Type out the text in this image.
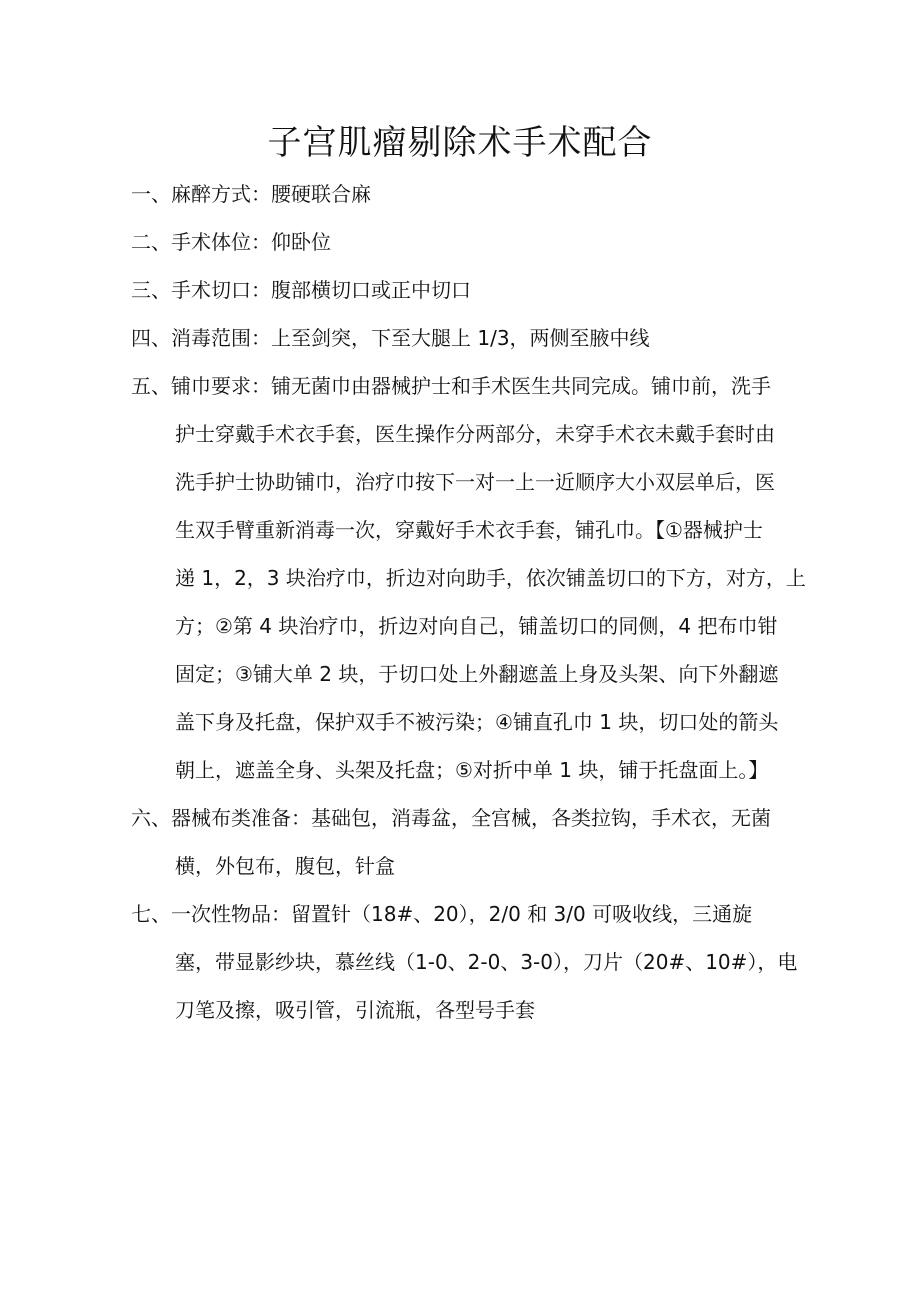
子宫肌瘤剔除术手术配合
一、 麻醉方式：腰硬联合麻
二、 手术体位：仰卧位
三、 手术切口：腹部横切口或正中切口
四、 消毒范围：上至剑突，下至大腿上 1/3，两侧至腋中线
五、 铺巾要求：铺无菌巾由器械护士和手术医生共同完成。铺巾前，洗手
护士穿戴手术衣手套，医生操作分两部分，未穿手术衣未戴手套时由
洗手护士协助铺巾，治疗巾按下一对一上一近顺序大小双层单后，医
生双手臂重新消毒一次，穿戴好手术衣手套，铺孔巾。【①器械护士
递 1，2，3 块治疗巾，折边对向助手，依次铺盖切口的下方，对方，上
方；②第 4 块治疗巾，折边对向自己，铺盖切口的同侧，4 把布巾钳
固定；③铺大单 2 块，于切口处上外翻遮盖上身及头架、向下外翻遮
盖下身及托盘，保护双手不被污染；④铺直孔巾 1 块，切口处的箭头
朝上，遮盖全身、头架及托盘；⑤对折中单 1 块，铺于托盘面上。】
六、 器械布类准备：基础包，消毒盆，全宫械，各类拉钩，手术衣，无菌
横，外包布，腹包，针盒
七、 一次性物品：留置针（18#、20），2/0 和 3/0 可吸收线，三通旋
塞，带显影纱块，慕丝线（1-0、2-0、3-0），刀片（20#、10#），电
刀笔及擦，吸引管，引流瓶，各型号手套
